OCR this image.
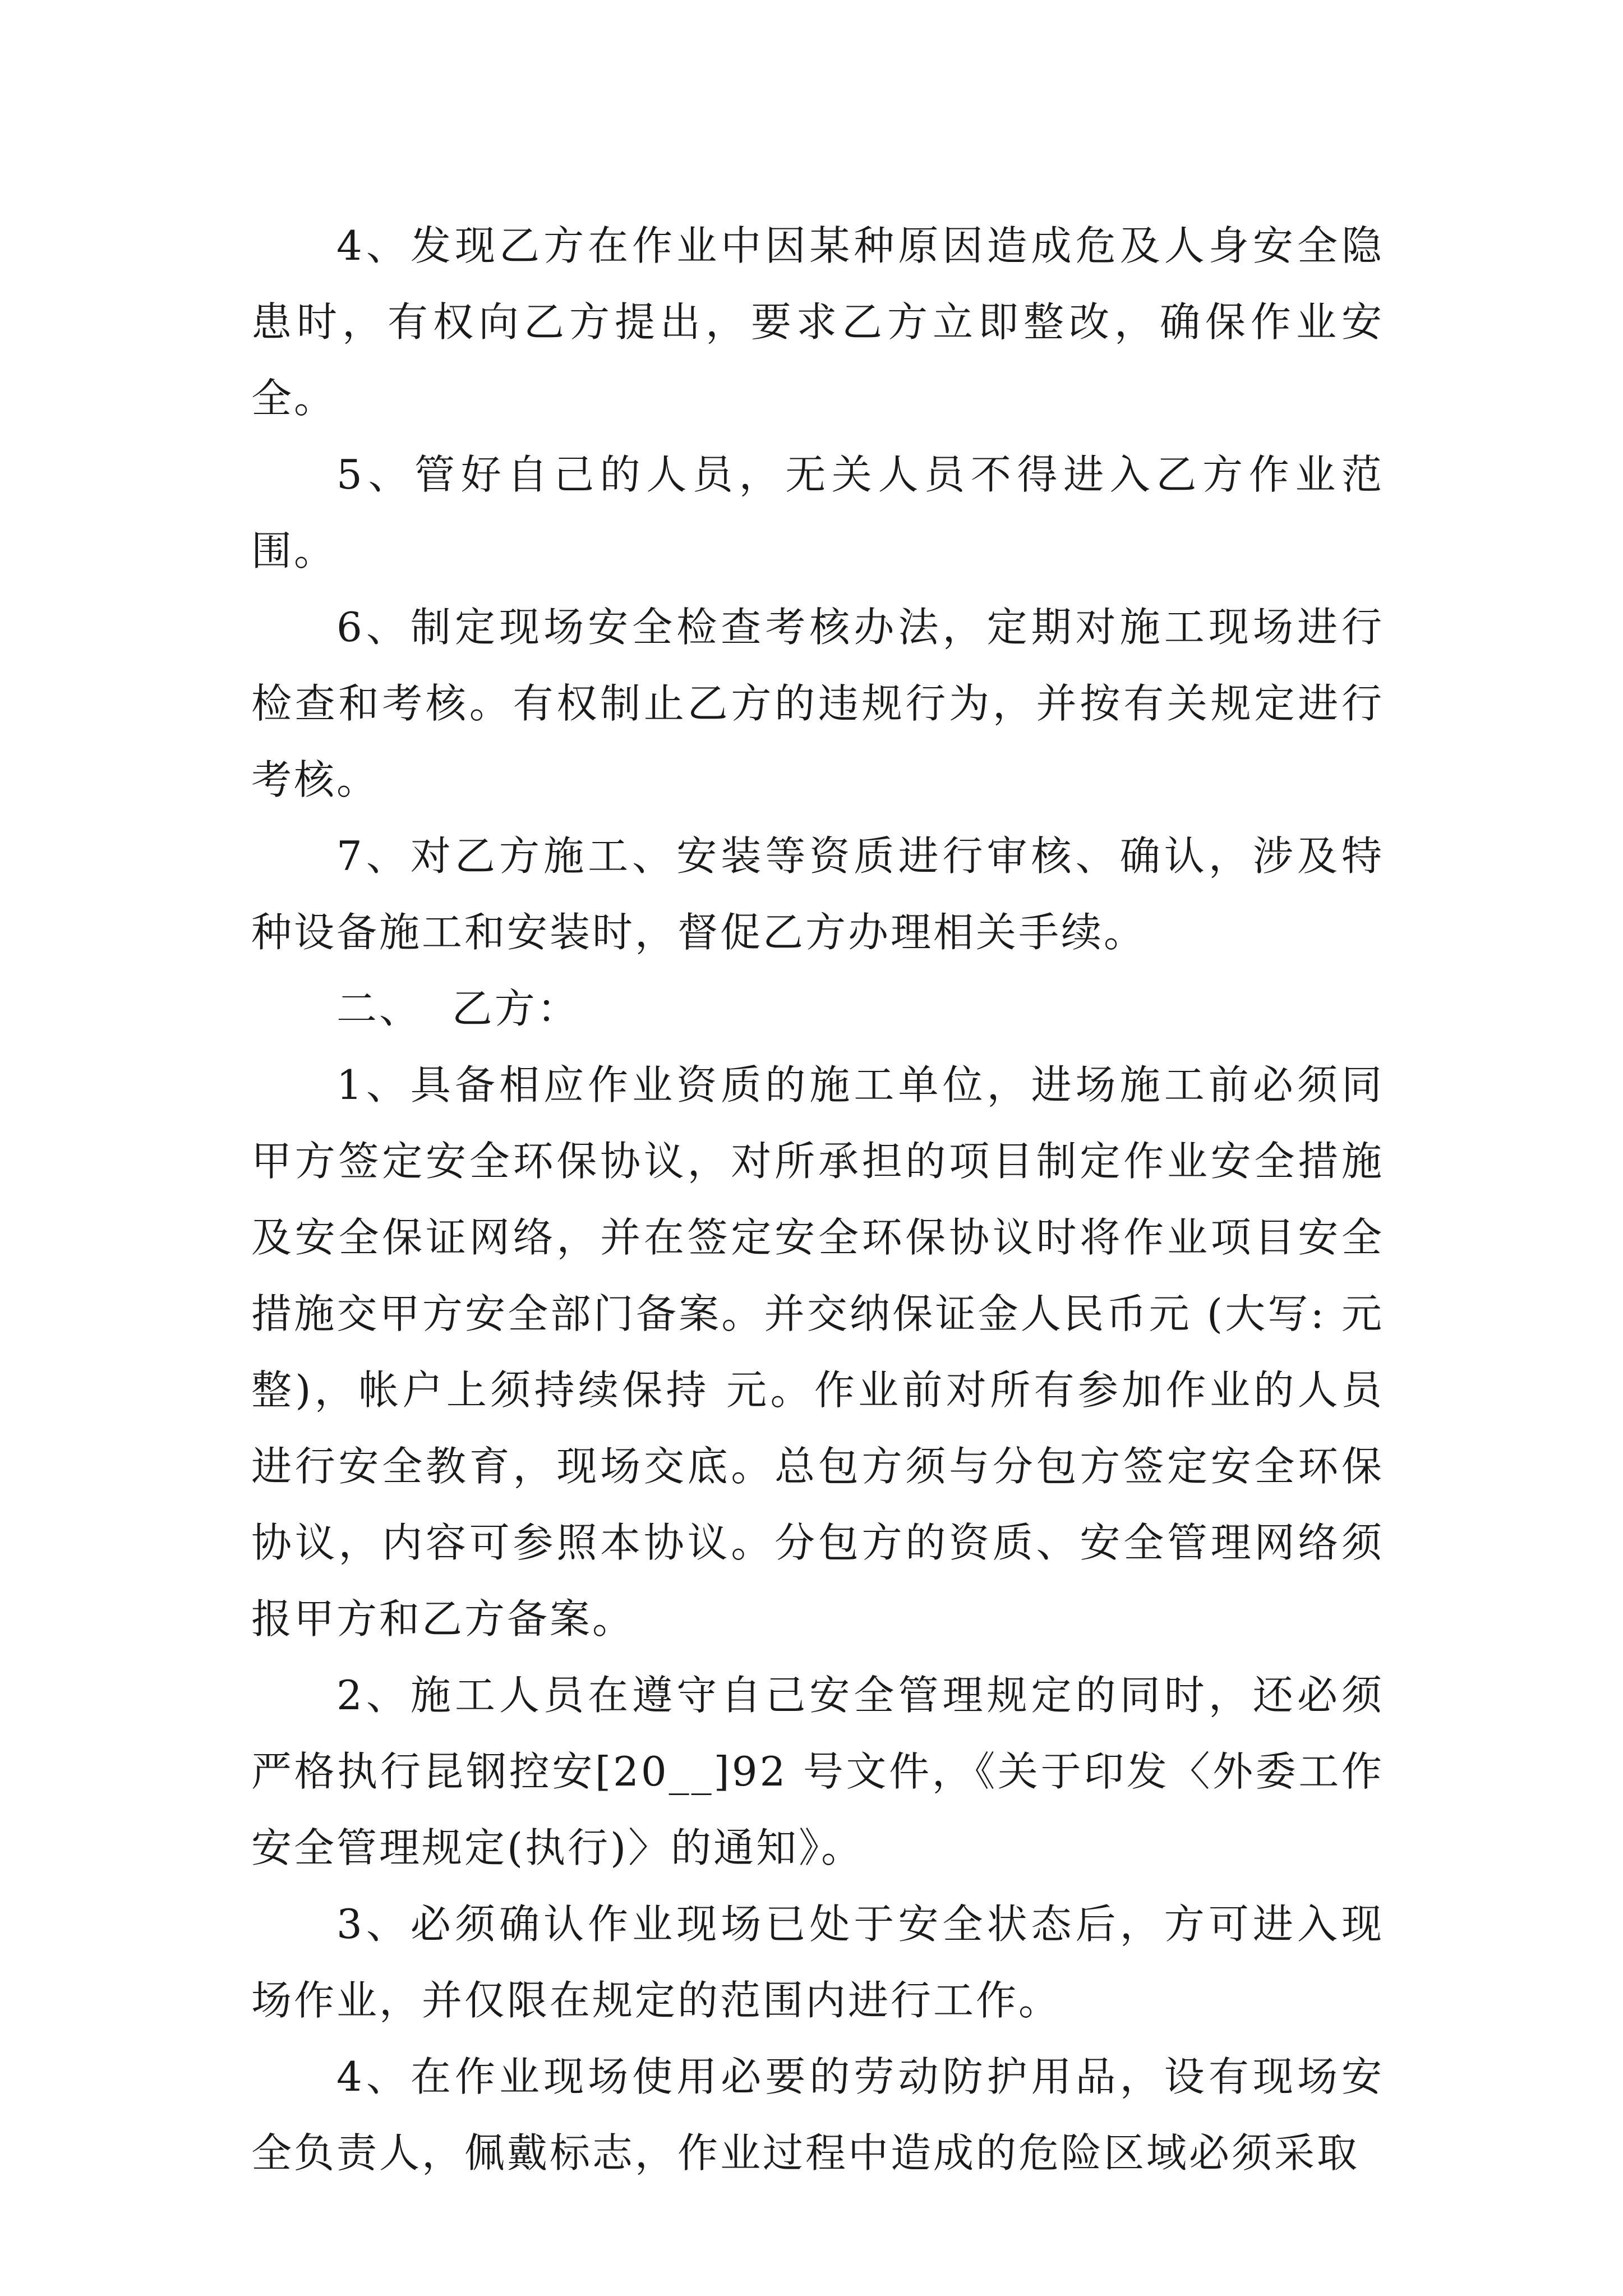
4、发现乙方在作业中因某种原因造成危及人身安全隐患时，有权向乙方提出，要求乙方立即整改，确保作业安全。

5、管好自己的人员，无关人员不得进入乙方作业范围。

6、制定现场安全检查考核办法，定期对施工现场进行检查和考核。有权制止乙方的违规行为，并按有关规定进行考核。

7、对乙方施工、安装等资质进行审核、确认，涉及特种设备施工和安装时，督促乙方办理相关手续。

二、  乙方：

1、具备相应作业资质的施工单位，进场施工前必须同甲方签定安全环保协议，对所承担的项目制定作业安全措施及安全保证网络，并在签定安全环保协议时将作业项目安全措施交甲方安全部门备案。并交纳保证金人民币元 (大写: 元整)，帐户上须持续保持 元。作业前对所有参加作业的人员进行安全教育，现场交底。总包方须与分包方签定安全环保协议，内容可参照本协议。分包方的资质、安全管理网络须报甲方和乙方备案。

2、施工人员在遵守自己安全管理规定的同时，还必须严格执行昆钢控安[20__]92 号文件，《关于印发〈外委工作安全管理规定(执行)〉的通知》。

3、必须确认作业现场已处于安全状态后，方可进入现场作业，并仅限在规定的范围内进行工作。

4、在作业现场使用必要的劳动防护用品，设有现场安全负责人，佩戴标志，作业过程中造成的危险区域必须采取
